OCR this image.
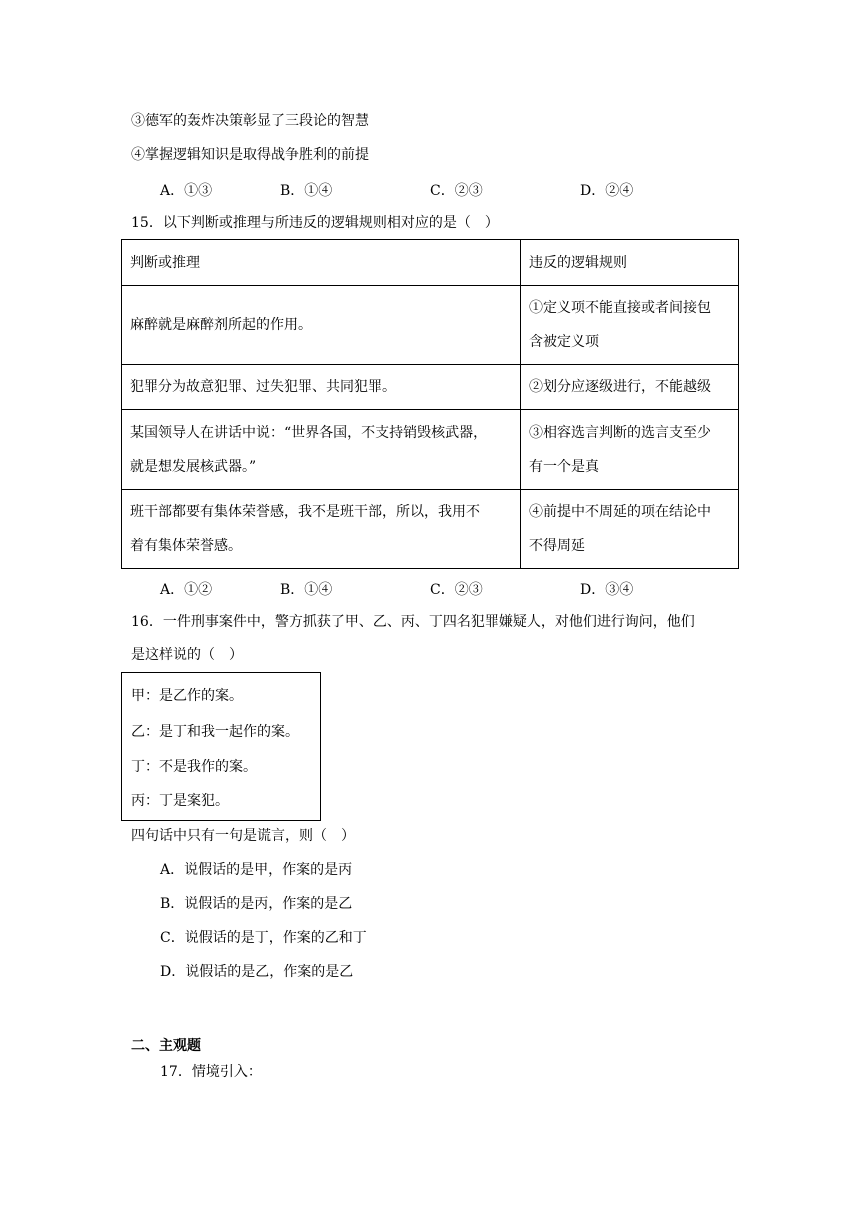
③德军的轰炸决策彰显了三段论的智慧
④掌握逻辑知识是取得战争胜利的前提
A．①③	B．①④	C．②③	D．②④
15．以下判断或推理与所违反的逻辑规则相对应的是（　）
判断或推理	违反的逻辑规则
麻醉就是麻醉剂所起的作用。	①定义项不能直接或者间接包
含被定义项
犯罪分为故意犯罪、过失犯罪、共同犯罪。	②划分应逐级进行，不能越级
某国领导人在讲话中说：“世界各国，不支持销毁核武器，
就是想发展核武器。”	③相容选言判断的选言支至少
有一个是真
班干部都要有集体荣誉感，我不是班干部，所以，我用不
着有集体荣誉感。	④前提中不周延的项在结论中
不得周延
A．①②	B．①④	C．②③	D．③④
16．一件刑事案件中，警方抓获了甲、乙、丙、丁四名犯罪嫌疑人，对他们进行询问，他们
是这样说的（　）
甲：是乙作的案。
乙：是丁和我一起作的案。
丁：不是我作的案。
丙：丁是案犯。
四句话中只有一句是谎言，则（　）
A．说假话的是甲，作案的是丙
B．说假话的是丙，作案的是乙
C．说假话的是丁，作案的乙和丁
D．说假话的是乙，作案的是乙
二、主观题
17．情境引入：
